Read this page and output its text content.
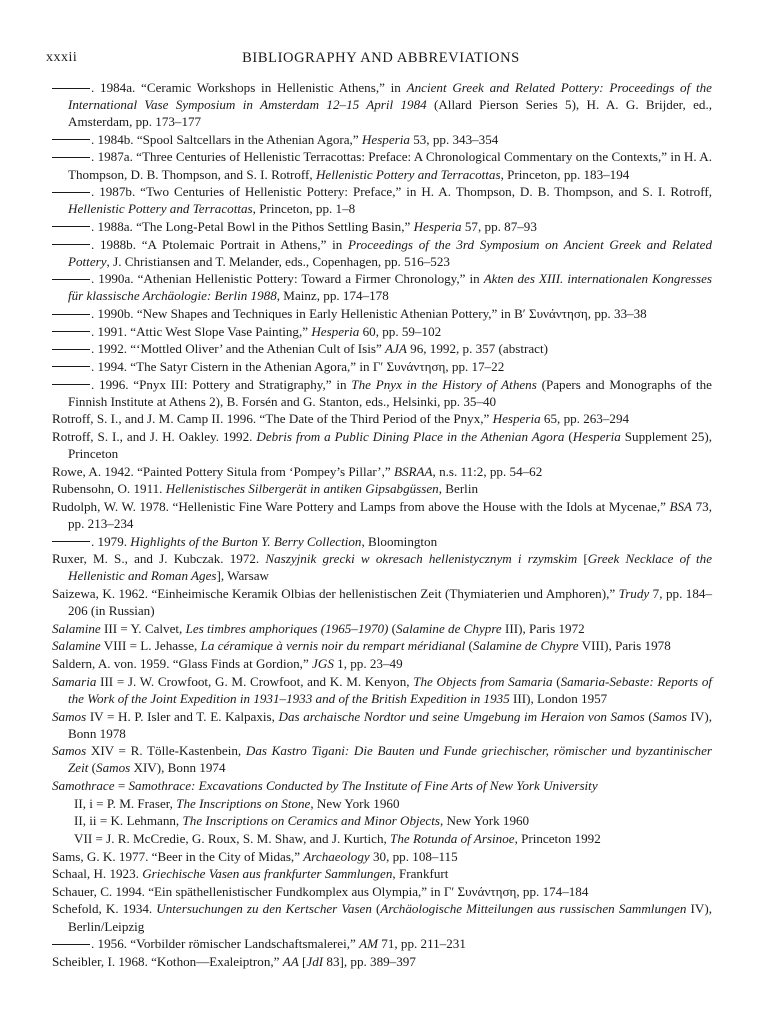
xxxii	BIBLIOGRAPHY AND ABBREVIATIONS

. 1984a. “Ceramic Workshops in Hellenistic Athens,” in Ancient Greek and Related Pottery: Proceedings of the International Vase Symposium in Amsterdam 12–15 April 1984 (Allard Pierson Series 5), H. A. G. Brijder, ed., Amsterdam, pp. 173–177

. 1984b. “Spool Saltcellars in the Athenian Agora,” Hesperia 53, pp. 343–354

. 1987a. “Three Centuries of Hellenistic Terracottas: Preface: A Chronological Commentary on the Contexts,” in H. A. Thompson, D. B. Thompson, and S. I. Rotroff, Hellenistic Pottery and Terracottas, Princeton, pp. 183–194

. 1987b. “Two Centuries of Hellenistic Pottery: Preface,” in H. A. Thompson, D. B. Thompson, and S. I. Rotroff, Hellenistic Pottery and Terracottas, Princeton, pp. 1–8

. 1988a. “The Long-Petal Bowl in the Pithos Settling Basin,” Hesperia 57, pp. 87–93

. 1988b. “A Ptolemaic Portrait in Athens,” in Proceedings of the 3rd Symposium on Ancient Greek and Related Pottery, J. Christiansen and T. Melander, eds., Copenhagen, pp. 516–523

. 1990a. “Athenian Hellenistic Pottery: Toward a Firmer Chronology,” in Akten des XIII. internationalen Kongresses für klassische Archäologie: Berlin 1988, Mainz, pp. 174–178

. 1990b. “New Shapes and Techniques in Early Hellenistic Athenian Pottery,” in B′ Συνάντηση, pp. 33–38

. 1991. “Attic West Slope Vase Painting,” Hesperia 60, pp. 59–102

. 1992. “‘Mottled Oliver’ and the Athenian Cult of Isis” AJA 96, 1992, p. 357 (abstract)

. 1994. “The Satyr Cistern in the Athenian Agora,” in Γ′ Συνάντηση, pp. 17–22

. 1996. “Pnyx III: Pottery and Stratigraphy,” in The Pnyx in the History of Athens (Papers and Monographs of the Finnish Institute at Athens 2), B. Forsén and G. Stanton, eds., Helsinki, pp. 35–40

Rotroff, S. I., and J. M. Camp II. 1996. “The Date of the Third Period of the Pnyx,” Hesperia 65, pp. 263–294

Rotroff, S. I., and J. H. Oakley. 1992. Debris from a Public Dining Place in the Athenian Agora (Hesperia Supplement 25), Princeton

Rowe, A. 1942. “Painted Pottery Situla from ‘Pompey’s Pillar’,” BSRAA, n.s. 11:2, pp. 54–62

Rubensohn, O. 1911. Hellenistisches Silbergerät in antiken Gipsabgüssen, Berlin

Rudolph, W. W. 1978. “Hellenistic Fine Ware Pottery and Lamps from above the House with the Idols at Mycenae,” BSA 73, pp. 213–234

. 1979. Highlights of the Burton Y. Berry Collection, Bloomington

Ruxer, M. S., and J. Kubczak. 1972. Naszyjnik grecki w okresach hellenistycznym i rzymskim [Greek Necklace of the Hellenistic and Roman Ages], Warsaw

Saizewa, K. 1962. “Einheimische Keramik Olbias der hellenistischen Zeit (Thymiaterien und Amphoren),” Trudy 7, pp. 184–206 (in Russian)

Salamine III = Y. Calvet, Les timbres amphoriques (1965–1970) (Salamine de Chypre III), Paris 1972

Salamine VIII = L. Jehasse, La céramique à vernis noir du rempart méridianal (Salamine de Chypre VIII), Paris 1978

Saldern, A. von. 1959. “Glass Finds at Gordion,” JGS 1, pp. 23–49

Samaria III = J. W. Crowfoot, G. M. Crowfoot, and K. M. Kenyon, The Objects from Samaria (Samaria-Sebaste: Reports of the Work of the Joint Expedition in 1931–1933 and of the British Expedition in 1935 III), London 1957

Samos IV = H. P. Isler and T. E. Kalpaxis, Das archaische Nordtor und seine Umgebung im Heraion von Samos (Samos IV), Bonn 1978

Samos XIV = R. Tölle-Kastenbein, Das Kastro Tigani: Die Bauten und Funde griechischer, römischer und byzantinischer Zeit (Samos XIV), Bonn 1974

Samothrace = Samothrace: Excavations Conducted by The Institute of Fine Arts of New York University

II, i = P. M. Fraser, The Inscriptions on Stone, New York 1960

II, ii = K. Lehmann, The Inscriptions on Ceramics and Minor Objects, New York 1960

VII = J. R. McCredie, G. Roux, S. M. Shaw, and J. Kurtich, The Rotunda of Arsinoe, Princeton 1992

Sams, G. K. 1977. “Beer in the City of Midas,” Archaeology 30, pp. 108–115

Schaal, H. 1923. Griechische Vasen aus frankfurter Sammlungen, Frankfurt

Schauer, C. 1994. “Ein späthellenistischer Fundkomplex aus Olympia,” in Γ′ Συνάντηση, pp. 174–184

Schefold, K. 1934. Untersuchungen zu den Kertscher Vasen (Archäologische Mitteilungen aus russischen Sammlungen IV), Berlin/Leipzig

. 1956. “Vorbilder römischer Landschaftsmalerei,” AM 71, pp. 211–231

Scheibler, I. 1968. “Kothon—Exaleiptron,” AA [JdI 83], pp. 389–397
